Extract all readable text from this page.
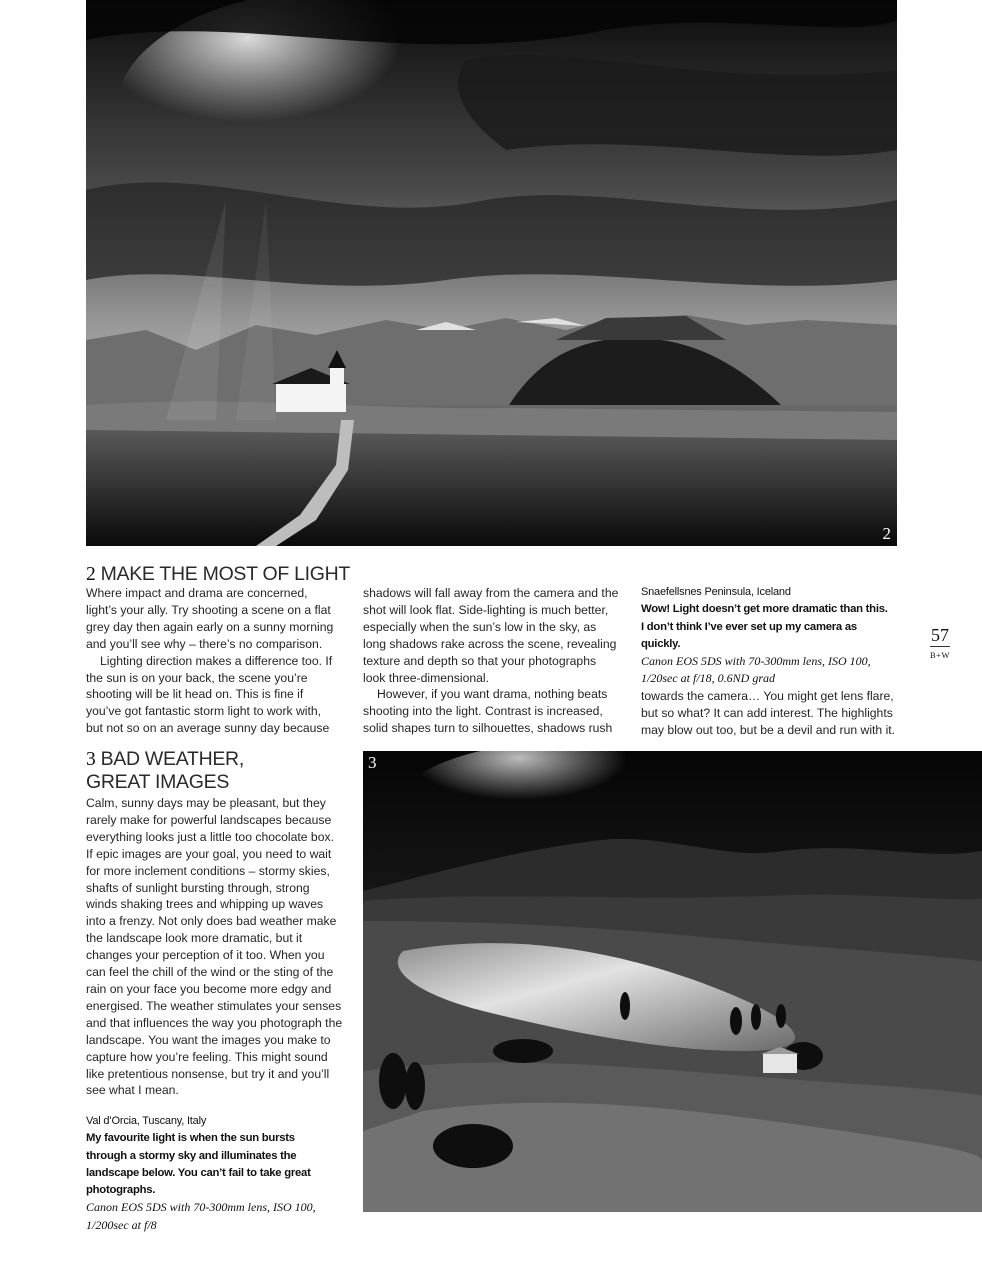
2
2 MAKE THE MOST OF LIGHT

Where impact and drama are concerned, light’s your ally. Try shooting a scene on a flat grey day then again early on a sunny morning and you’ll see why – there’s no comparison.

Lighting direction makes a difference too. If the sun is on your back, the scene you’re shooting will be lit head on. This is fine if you’ve got fantastic storm light to work with, but not so on an average sunny day because

shadows will fall away from the camera and the shot will look flat. Side-lighting is much better, especially when the sun’s low in the sky, as long shadows rake across the scene, revealing texture and depth so that your photographs look three-dimensional.

However, if you want drama, nothing beats shooting into the light. Contrast is increased, solid shapes turn to silhouettes, shadows rush

Snaefellsnes Peninsula, Iceland
Wow! Light doesn’t get more dramatic than this. I don’t think I’ve ever set up my camera as quickly.
Canon EOS 5DS with 70-300mm lens, ISO 100, 1/20sec at f/18, 0.6ND grad

towards the camera… You might get lens flare, but so what? It can add interest. The highlights may blow out too, but be a devil and run with it.

57
B+W
3 BAD WEATHER,
GREAT IMAGES

Calm, sunny days may be pleasant, but they rarely make for powerful landscapes because everything looks just a little too chocolate box. If epic images are your goal, you need to wait for more inclement conditions – stormy skies, shafts of sunlight bursting through, strong winds shaking trees and whipping up waves into a frenzy. Not only does bad weather make the landscape look more dramatic, but it changes your perception of it too. When you can feel the chill of the wind or the sting of the rain on your face you become more edgy and energised. The weather stimulates your senses and that influences the way you photograph the landscape. You want the images you make to capture how you’re feeling. This might sound like pretentious nonsense, but try it and you’ll see what I mean.

Val d’Orcia, Tuscany, Italy
My favourite light is when the sun bursts through a stormy sky and illuminates the landscape below. You can’t fail to take great photographs.
Canon EOS 5DS with 70-300mm lens, ISO 100, 1/200sec at f/8
3
